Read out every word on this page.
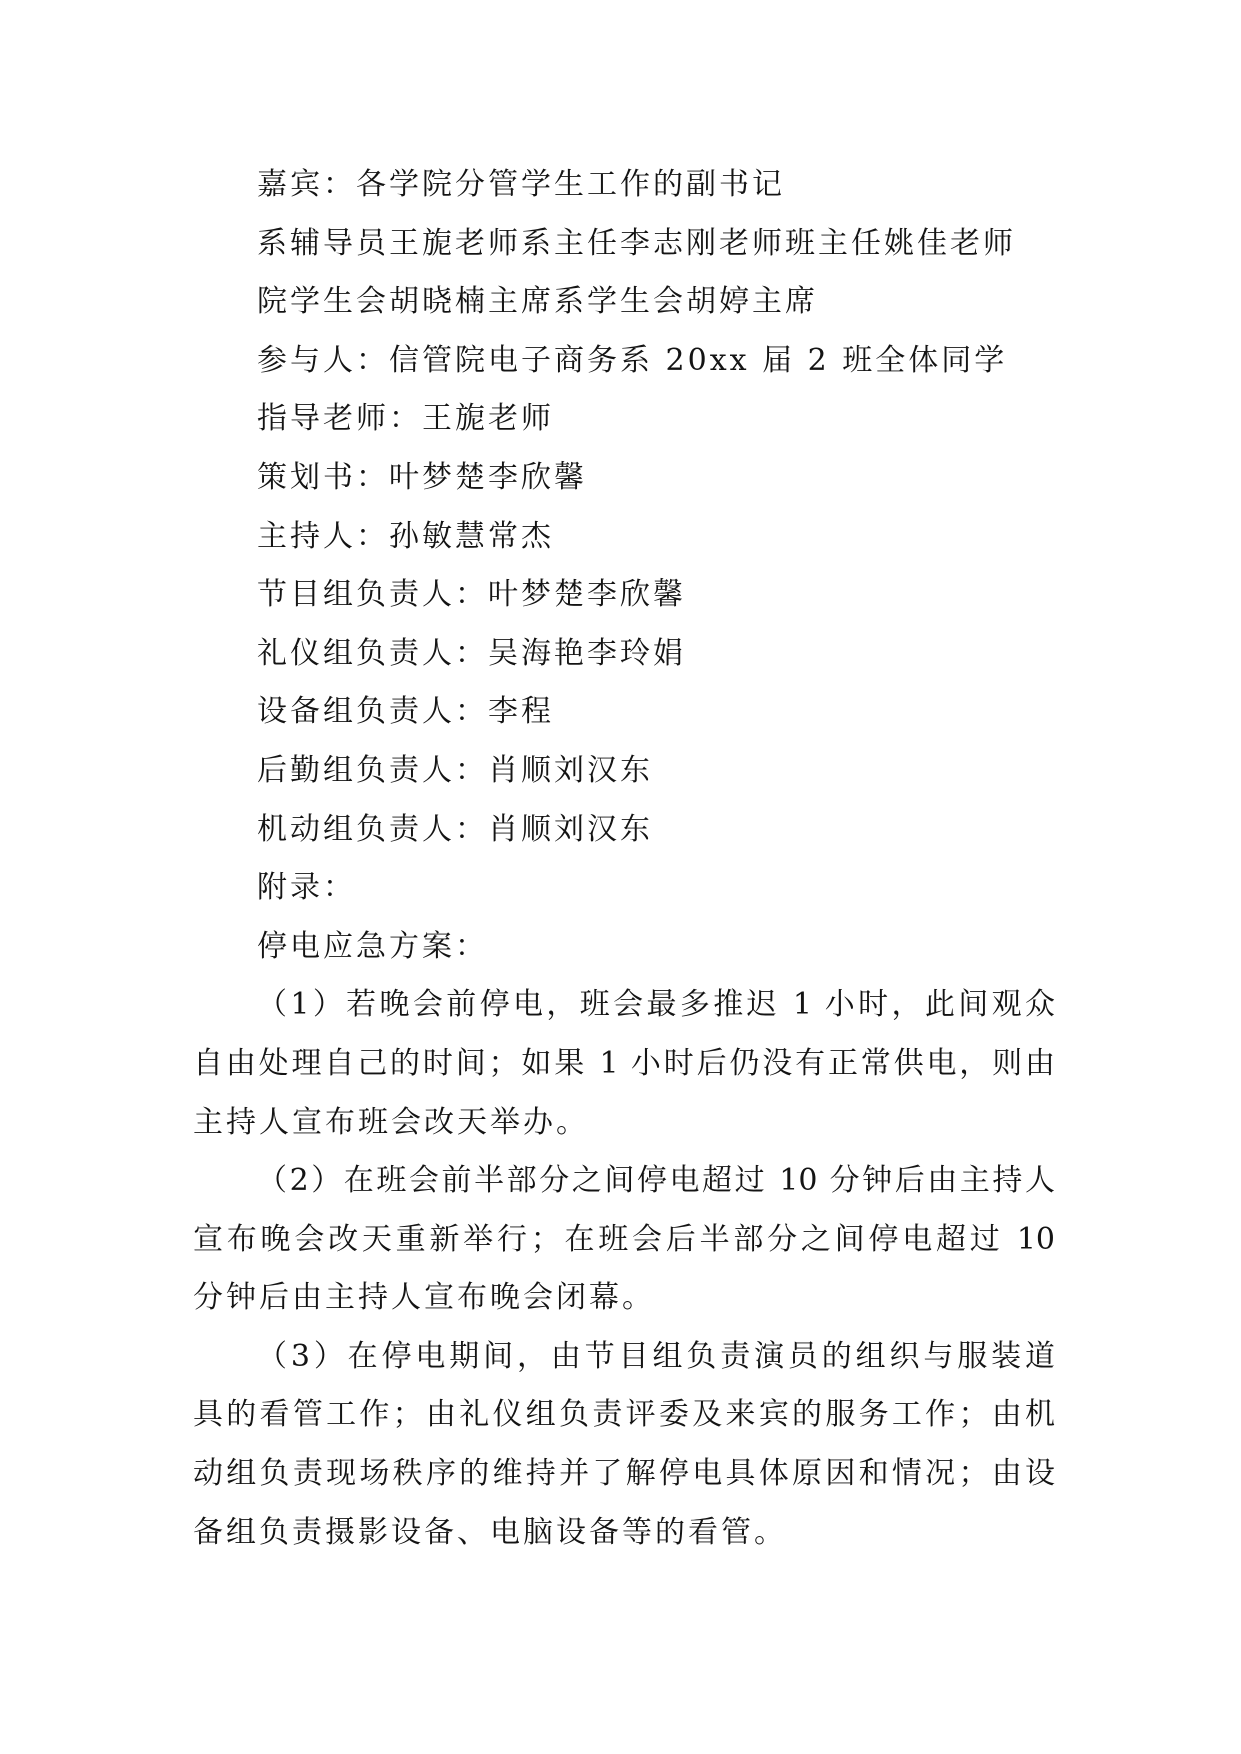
嘉宾：各学院分管学生工作的副书记
系辅导员王旎老师系主任李志刚老师班主任姚佳老师
院学生会胡晓楠主席系学生会胡婷主席
参与人：信管院电子商务系 20xx 届 2 班全体同学
指导老师：王旎老师
策划书：叶梦楚李欣馨
主持人：孙敏慧常杰
节目组负责人：叶梦楚李欣馨
礼仪组负责人：吴海艳李玲娟
设备组负责人：李程
后勤组负责人：肖顺刘汉东
机动组负责人：肖顺刘汉东
附录：
停电应急方案：
（1）若晚会前停电，班会最多推迟 1 小时，此间观众
自由处理自己的时间；如果 1 小时后仍没有正常供电，则由
主持人宣布班会改天举办。
（2）在班会前半部分之间停电超过 10 分钟后由主持人
宣布晚会改天重新举行；在班会后半部分之间停电超过 10
分钟后由主持人宣布晚会闭幕。
（3）在停电期间，由节目组负责演员的组织与服装道
具的看管工作；由礼仪组负责评委及来宾的服务工作；由机
动组负责现场秩序的维持并了解停电具体原因和情况；由设
备组负责摄影设备、电脑设备等的看管。
